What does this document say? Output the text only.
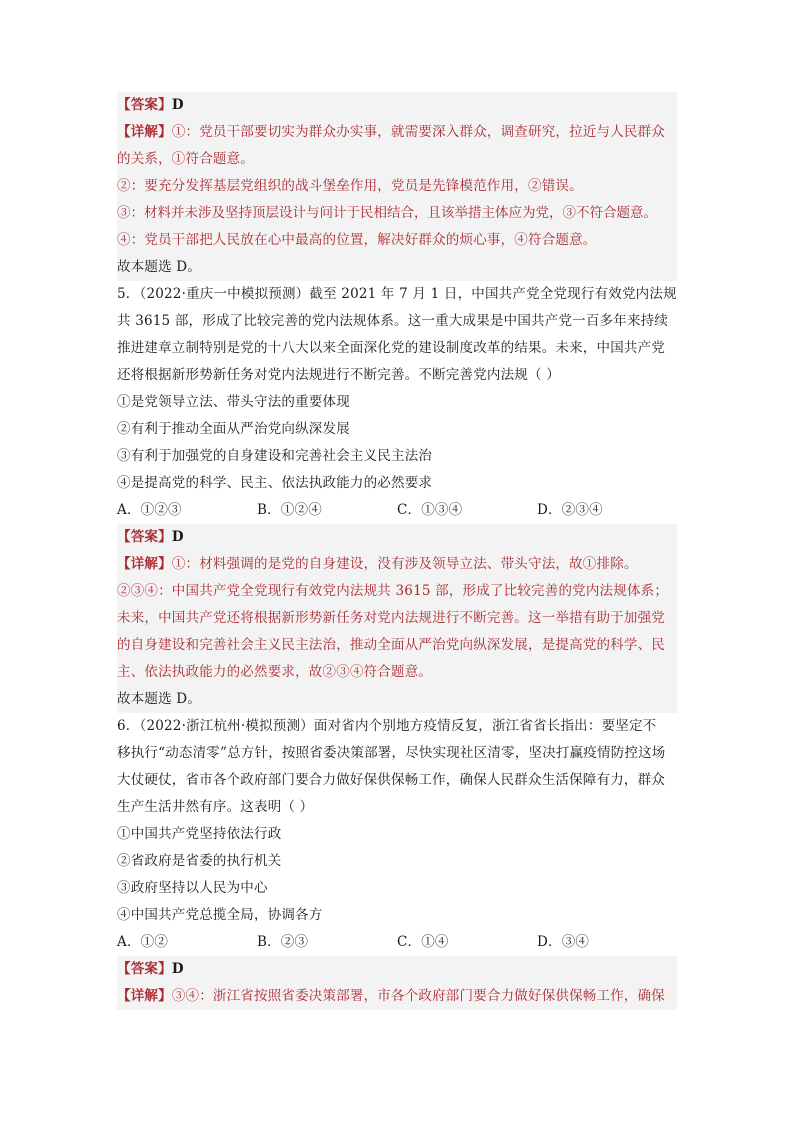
【答案】D
【详解】①：党员干部要切实为群众办实事，就需要深入群众，调查研究，拉近与人民群众
的关系，①符合题意。
②：要充分发挥基层党组织的战斗堡垒作用，党员是先锋模范作用，②错误。
③：材料并未涉及坚持顶层设计与问计于民相结合，且该举措主体应为党，③不符合题意。
④：党员干部把人民放在心中最高的位置，解决好群众的烦心事，④符合题意。
故本题选 D。
5．（2022·重庆一中模拟预测）截至 2021 年 7 月 1 日，中国共产党全党现行有效党内法规
共 3615 部，形成了比较完善的党内法规体系。这一重大成果是中国共产党一百多年来持续
推进建章立制特别是党的十八大以来全面深化党的建设制度改革的结果。未来，中国共产党
还将根据新形势新任务对党内法规进行不断完善。不断完善党内法规（ ）
①是党领导立法、带头守法的重要体现
②有利于推动全面从严治党向纵深发展
③有利于加强党的自身建设和完善社会主义民主法治
④是提高党的科学、民主、依法执政能力的必然要求
A．①②③	B．①②④	C．①③④	D．②③④
【答案】D
【详解】①：材料强调的是党的自身建设，没有涉及领导立法、带头守法，故①排除。
②③④：中国共产党全党现行有效党内法规共 3615 部，形成了比较完善的党内法规体系；
未来，中国共产党还将根据新形势新任务对党内法规进行不断完善。这一举措有助于加强党
的自身建设和完善社会主义民主法治，推动全面从严治党向纵深发展，是提高党的科学、民
主、依法执政能力的必然要求，故②③④符合题意。
故本题选 D。
6．（2022·浙江杭州·模拟预测）面对省内个别地方疫情反复，浙江省省长指出：要坚定不
移执行“动态清零”总方针，按照省委决策部署，尽快实现社区清零，坚决打赢疫情防控这场
大仗硬仗，省市各个政府部门要合力做好保供保畅工作，确保人民群众生活保障有力，群众
生产生活井然有序。这表明（ ）
①中国共产党坚持依法行政
②省政府是省委的执行机关
③政府坚持以人民为中心
④中国共产党总揽全局，协调各方
A．①②	B．②③	C．①④	D．③④
【答案】D
【详解】③④：浙江省按照省委决策部署，市各个政府部门要合力做好保供保畅工作，确保
